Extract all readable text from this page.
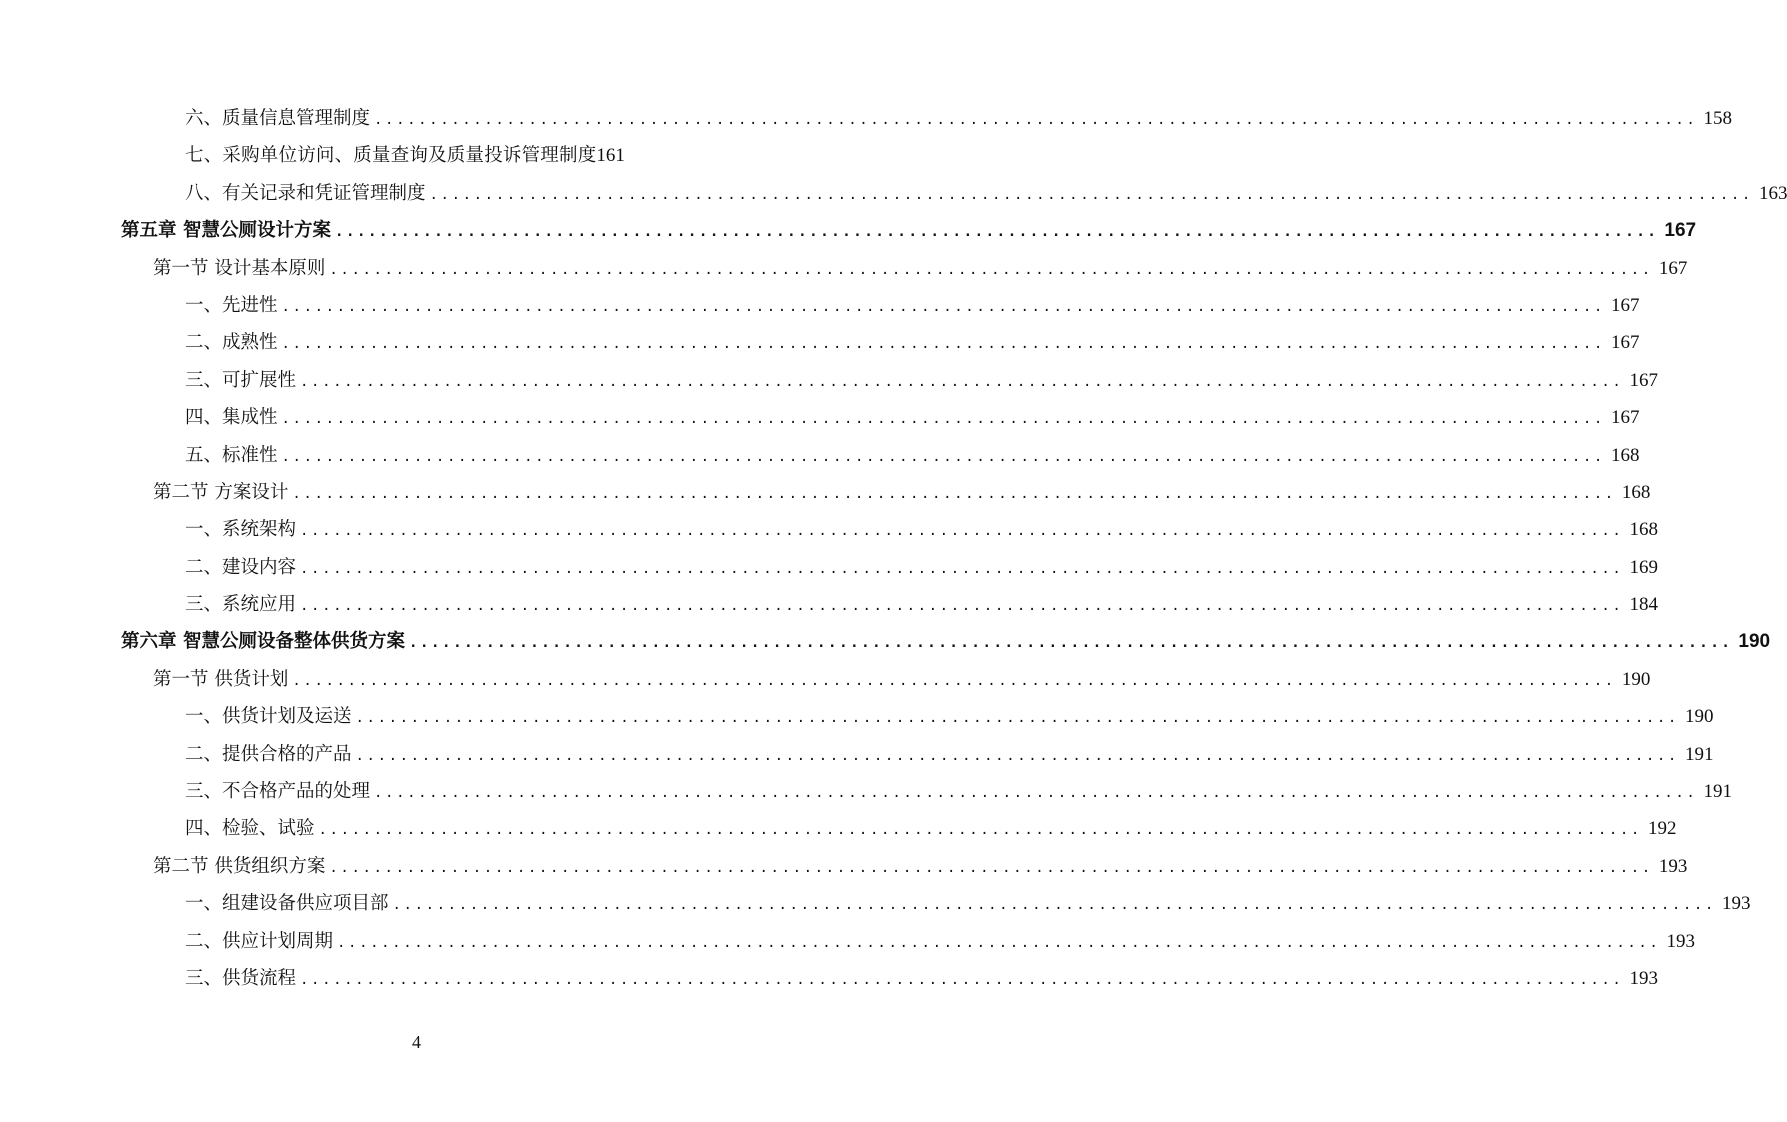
六、质量信息管理制度 ........................................................................................................................ 158
七、采购单位访问、质量查询及质量投诉管理制度 161
八、有关记录和凭证管理制度 ........................................................................................................................ 163
第五章 智慧公厕设计方案 ........................................................................................................................ 167
第一节 设计基本原则 ........................................................................................................................ 167
一、先进性 ........................................................................................................................ 167
二、成熟性 ........................................................................................................................ 167
三、可扩展性 ........................................................................................................................ 167
四、集成性 ........................................................................................................................ 167
五、标准性 ........................................................................................................................ 168
第二节 方案设计 ........................................................................................................................ 168
一、系统架构 ........................................................................................................................ 168
二、建设内容 ........................................................................................................................ 169
三、系统应用 ........................................................................................................................ 184
第六章 智慧公厕设备整体供货方案 ........................................................................................................................ 190
第一节 供货计划 ........................................................................................................................ 190
一、供货计划及运送 ........................................................................................................................ 190
二、提供合格的产品 ........................................................................................................................ 191
三、不合格产品的处理 ........................................................................................................................ 191
四、检验、试验 ........................................................................................................................ 192
第二节 供货组织方案 ........................................................................................................................ 193
一、组建设备供应项目部 ........................................................................................................................ 193
二、供应计划周期 ........................................................................................................................ 193
三、供货流程 ........................................................................................................................ 193
4
